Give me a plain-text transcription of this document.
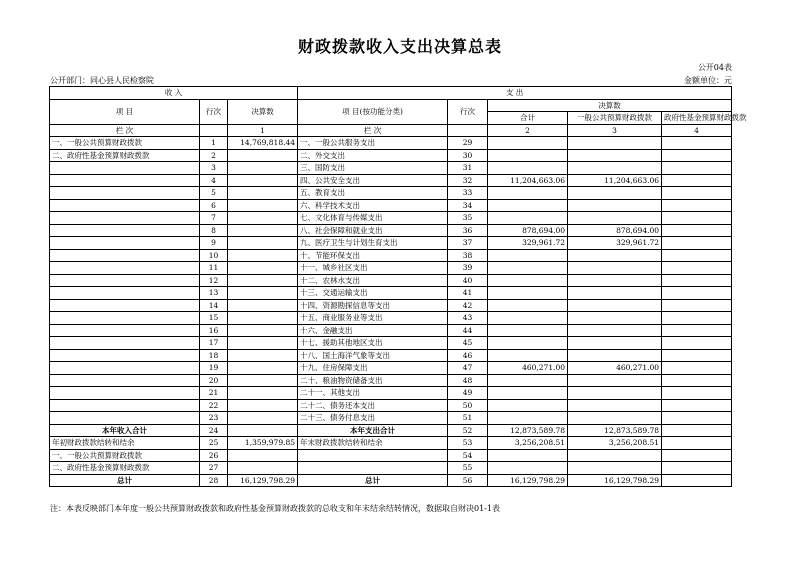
财政拨款收入支出决算总表
公开04表
公开部门：同心县人民检察院	金额单位：元
收 入			支 出				
项 目	行次	决算数	项 目(按功能分类)	行次	决算数		
					合计	一般公共预算财政拨款	政府性基金预算财政拨款
栏 次		1	栏 次		2	3	4
一、一般公共预算财政拨款	1	14,769,818.44	一、一般公共服务支出	29			
二、政府性基金预算财政拨款	2		二、外交支出	30			
	3		三、国防支出	31			
	4		四、公共安全支出	32	11,204,663.06	11,204,663.06	
	5		五、教育支出	33			
	6		六、科学技术支出	34			
	7		七、文化体育与传媒支出	35			
	8		八、社会保障和就业支出	36	878,694.00	878,694.00	
	9		九、医疗卫生与计划生育支出	37	329,961.72	329,961.72	
	10		十、节能环保支出	38			
	11		十一、城乡社区支出	39			
	12		十二、农林水支出	40			
	13		十三、交通运输支出	41			
	14		十四、资源勘探信息等支出	42			
	15		十五、商业服务业等支出	43			
	16		十六、金融支出	44			
	17		十七、援助其他地区支出	45			
	18		十八、国土海洋气象等支出	46			
	19		十九、住房保障支出	47	460,271.00	460,271.00	
	20		二十、粮油物资储备支出	48			
	21		二十一、其他支出	49			
	22		二十二、债务还本支出	50			
	23		二十三、债务付息支出	51			
本年收入合计	24		本年支出合计	52	12,873,589.78	12,873,589.78	
年初财政拨款结转和结余	25	1,359,979.85	年末财政拨款结转和结余	53	3,256,208.51	3,256,208.51	
一、一般公共预算财政拨款	26			54			
二、政府性基金预算财政拨款	27			55			
总计	28	16,129,798.29	总计	56	16,129,798.29	16,129,798.29	
注：本表反映部门本年度一般公共预算财政拨款和政府性基金预算财政拨款的总收支和年末结余结转情况，数据取自财决01-1表
